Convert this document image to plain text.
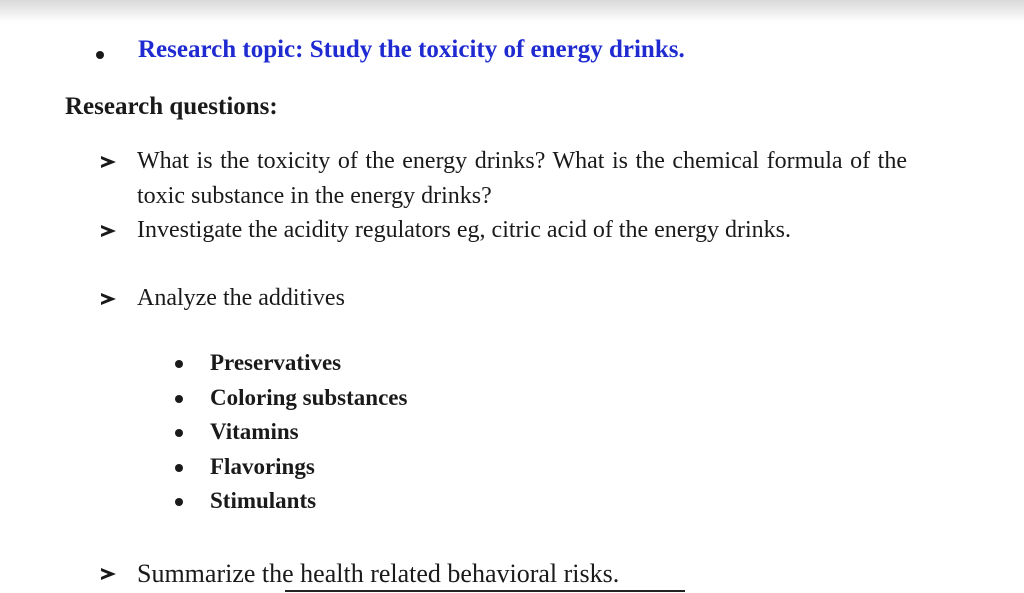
Research topic: Study the toxicity of energy drinks.
Research questions:
What is the toxicity of the energy drinks? What is the chemical formula of the toxic substance in the energy drinks?
Investigate the acidity regulators eg, citric acid of the energy drinks.
Analyze the additives
Preservatives
Coloring substances
Vitamins
Flavorings
Stimulants
Summarize the health related behavioral risks.
